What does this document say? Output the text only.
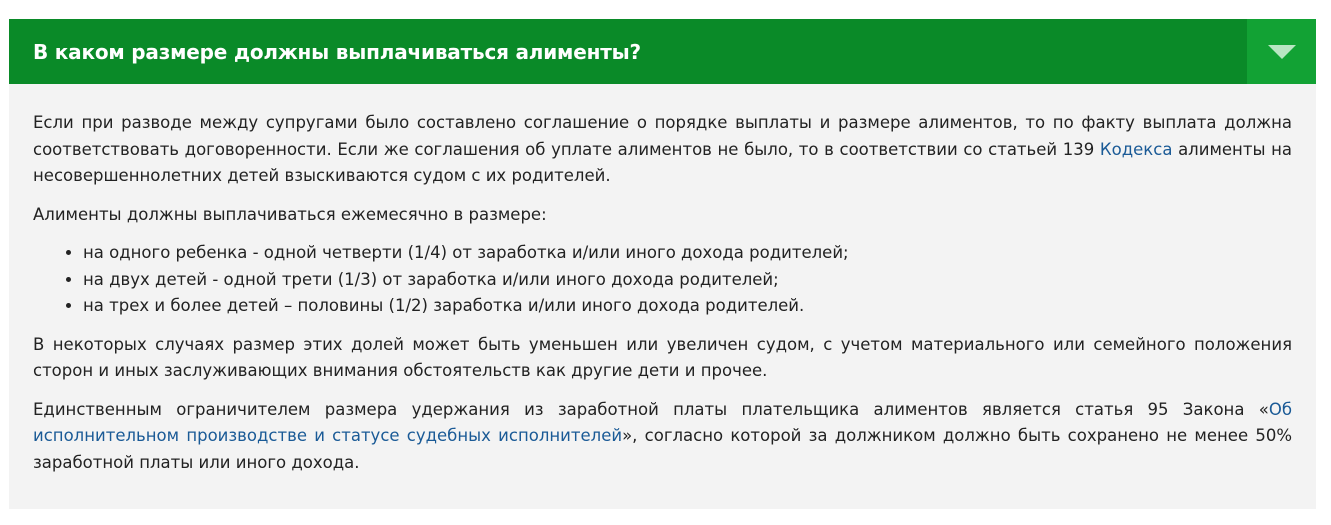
В каком размере должны выплачиваться алименты?

Если при разводе между супругами было составлено соглашение о порядке выплаты и размере алиментов, то по факту выплата должна соответствовать договоренности. Если же соглашения об уплате алиментов не было, то в соответствии со статьей 139 Кодекса алименты на несовершеннолетних детей взыскиваются судом с их родителей.

Алименты должны выплачиваться ежемесячно в размере:

• на одного ребенка - одной четверти (1/4) от заработка и/или иного дохода родителей;
• на двух детей - одной трети (1/3) от заработка и/или иного дохода родителей;
• на трех и более детей – половины (1/2) заработка и/или иного дохода родителей.

В некоторых случаях размер этих долей может быть уменьшен или увеличен судом, с учетом материального или семейного положения сторон и иных заслуживающих внимания обстоятельств как другие дети и прочее.

Единственным ограничителем размера удержания из заработной платы плательщика алиментов является статья 95 Закона «Об исполнительном производстве и статусе судебных исполнителей», согласно которой за должником должно быть сохранено не менее 50% заработной платы или иного дохода.
